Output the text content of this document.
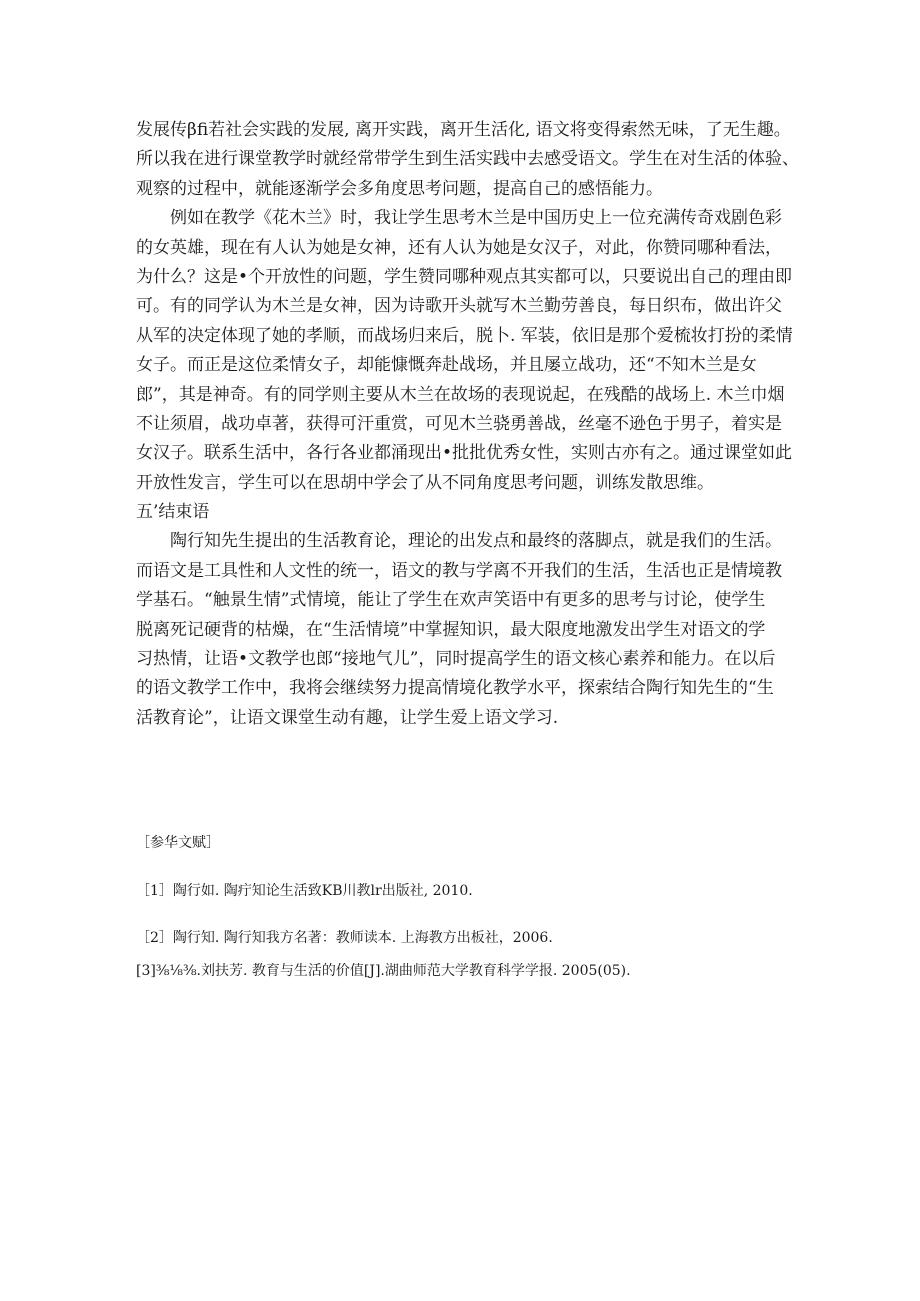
发展传βfi若社会实践的发展, 离开实践，离开生活化, 语文将变得索然无味，了无生趣。
所以我在进行课堂教学时就经常带学生到生活实践中去感受语文。学生在对生活的体验、
观察的过程中，就能逐渐学会多角度思考问题，提高自己的感悟能力。
例如在教学《花木兰》时，我让学生思考木兰是中国历史上一位充满传奇戏剧色彩
的女英雄，现在有人认为她是女神，还有人认为她是女汉子，对此，你赞同哪种看法，
为什么？这是•个开放性的问题，学生赞同哪种观点其实都可以，只要说出自己的理由即
可。有的同学认为木兰是女神，因为诗歌开头就写木兰勤劳善良，每日织布，做出许父
从军的决定体现了她的孝顺，而战场归来后，脱卜. 军装，依旧是那个爱梳妆打扮的柔情
女子。而正是这位柔情女子，却能慷慨奔赴战场，并且屡立战功，还“不知木兰是女
郎”，其是神奇。有的同学则主要从木兰在故场的表现说起，在残酷的战场上. 木兰巾烟
不让须眉，战功卓著，获得可汗重赏，可见木兰骁勇善战，丝毫不逊色于男子，着实是
女汉子。联系生活中，各行各业都涌现出•批批优秀女性，实则古亦有之。通过课堂如此
开放性发言，学生可以在思胡中学会了从不同角度思考问题，训练发散思维。
五’结束语
陶行知先生提出的生活教育论，理论的出发点和最终的落脚点，就是我们的生活。
而语文是工具性和人文性的统一，语文的教与学离不开我们的生活，生活也正是情境教
学基石。“触景生情”式情境，能让了学生在欢声笑语中有更多的思考与讨论，使学生
脱离死记硬背的枯燥，在“生活情境”中掌握知识，最大限度地激发出学生对语文的学
习热情，让语•文教学也郎“接地气儿”，同时提高学生的语文核心素养和能力。在以后
的语文教学工作中，我将会继续努力提高情境化教学水平，探索结合陶行知先生的“生
活教育论”，让语文课堂生动有趣，让学生爱上语文学习.
［参华文赋］
［1］陶行如. 陶疔知论生活致KB川教lr出版社, 2010.
［2］陶行知. 陶行知我方名著：教师读本. 上海教方出板社，2006.
[3]⅜⅛⅜.刘扶芳. 教育与生活的价值[J].湖曲师范大学教育科学学报. 2005(05).
